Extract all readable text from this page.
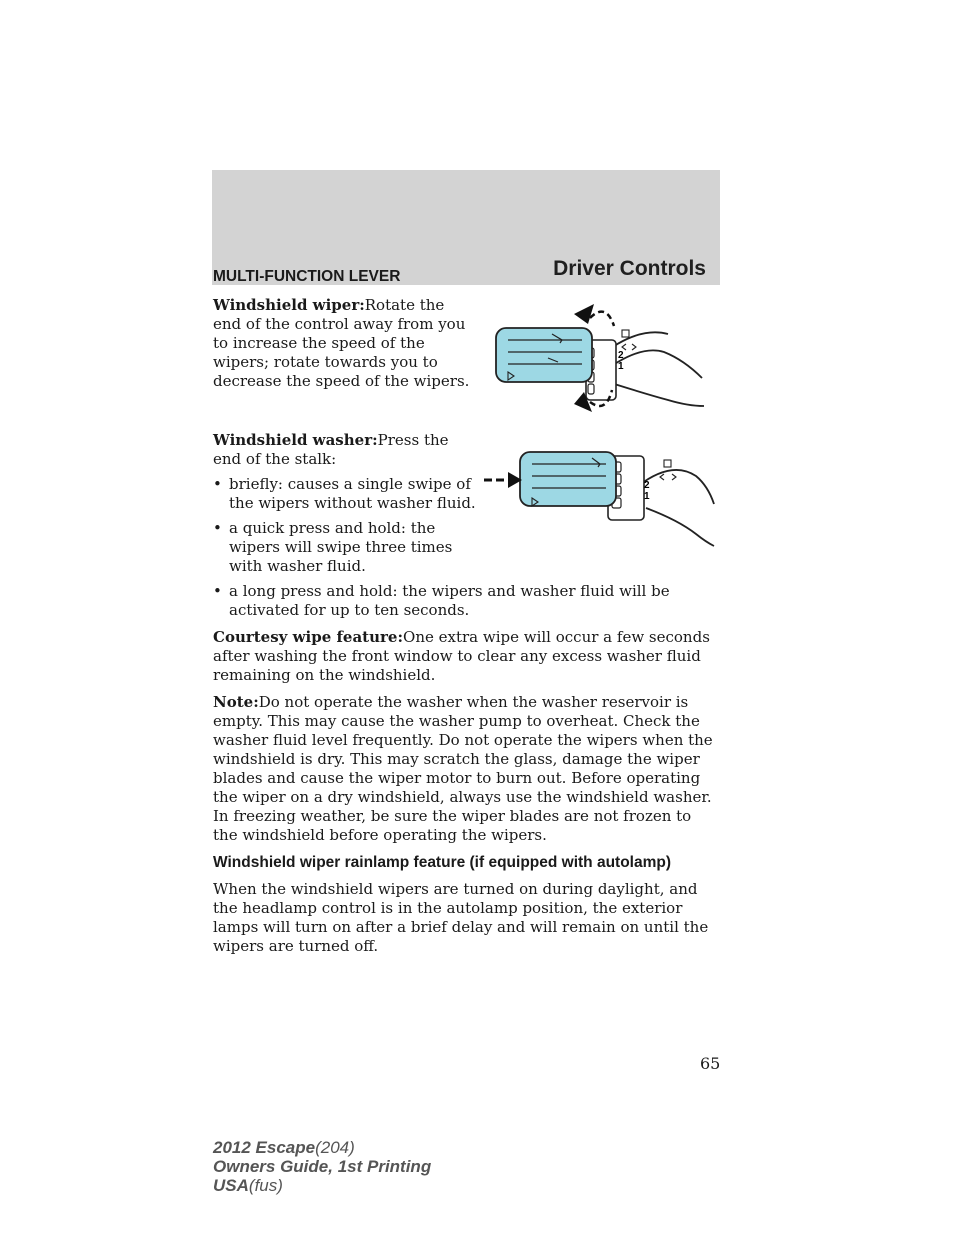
Driver Controls
MULTI-FUNCTION LEVER

Windshield wiper:Rotate the end of the control away from you to increase the speed of the wipers; rotate towards you to decrease the speed of the wipers.

Windshield washer:Press the end of the stalk:

• briefly: causes a single swipe of the wipers without washer fluid.
• a quick press and hold: the wipers will swipe three times with washer fluid.
• a long press and hold: the wipers and washer fluid will be activated for up to ten seconds.

Courtesy wipe feature:One extra wipe will occur a few seconds after washing the front window to clear any excess washer fluid remaining on the windshield.

Note:Do not operate the washer when the washer reservoir is empty. This may cause the washer pump to overheat. Check the washer fluid level frequently. Do not operate the wipers when the windshield is dry. This may scratch the glass, damage the wiper blades and cause the wiper motor to burn out. Before operating the wiper on a dry windshield, always use the windshield washer. In freezing weather, be sure the wiper blades are not frozen to the windshield before operating the wipers.

Windshield wiper rainlamp feature (if equipped with autolamp)

When the windshield wipers are turned on during daylight, and the headlamp control is in the autolamp position, the exterior lamps will turn on after a brief delay and will remain on until the wipers are turned off.

2
1
2
1
65
2012 Escape(204)
Owners Guide, 1st Printing
USA(fus)
